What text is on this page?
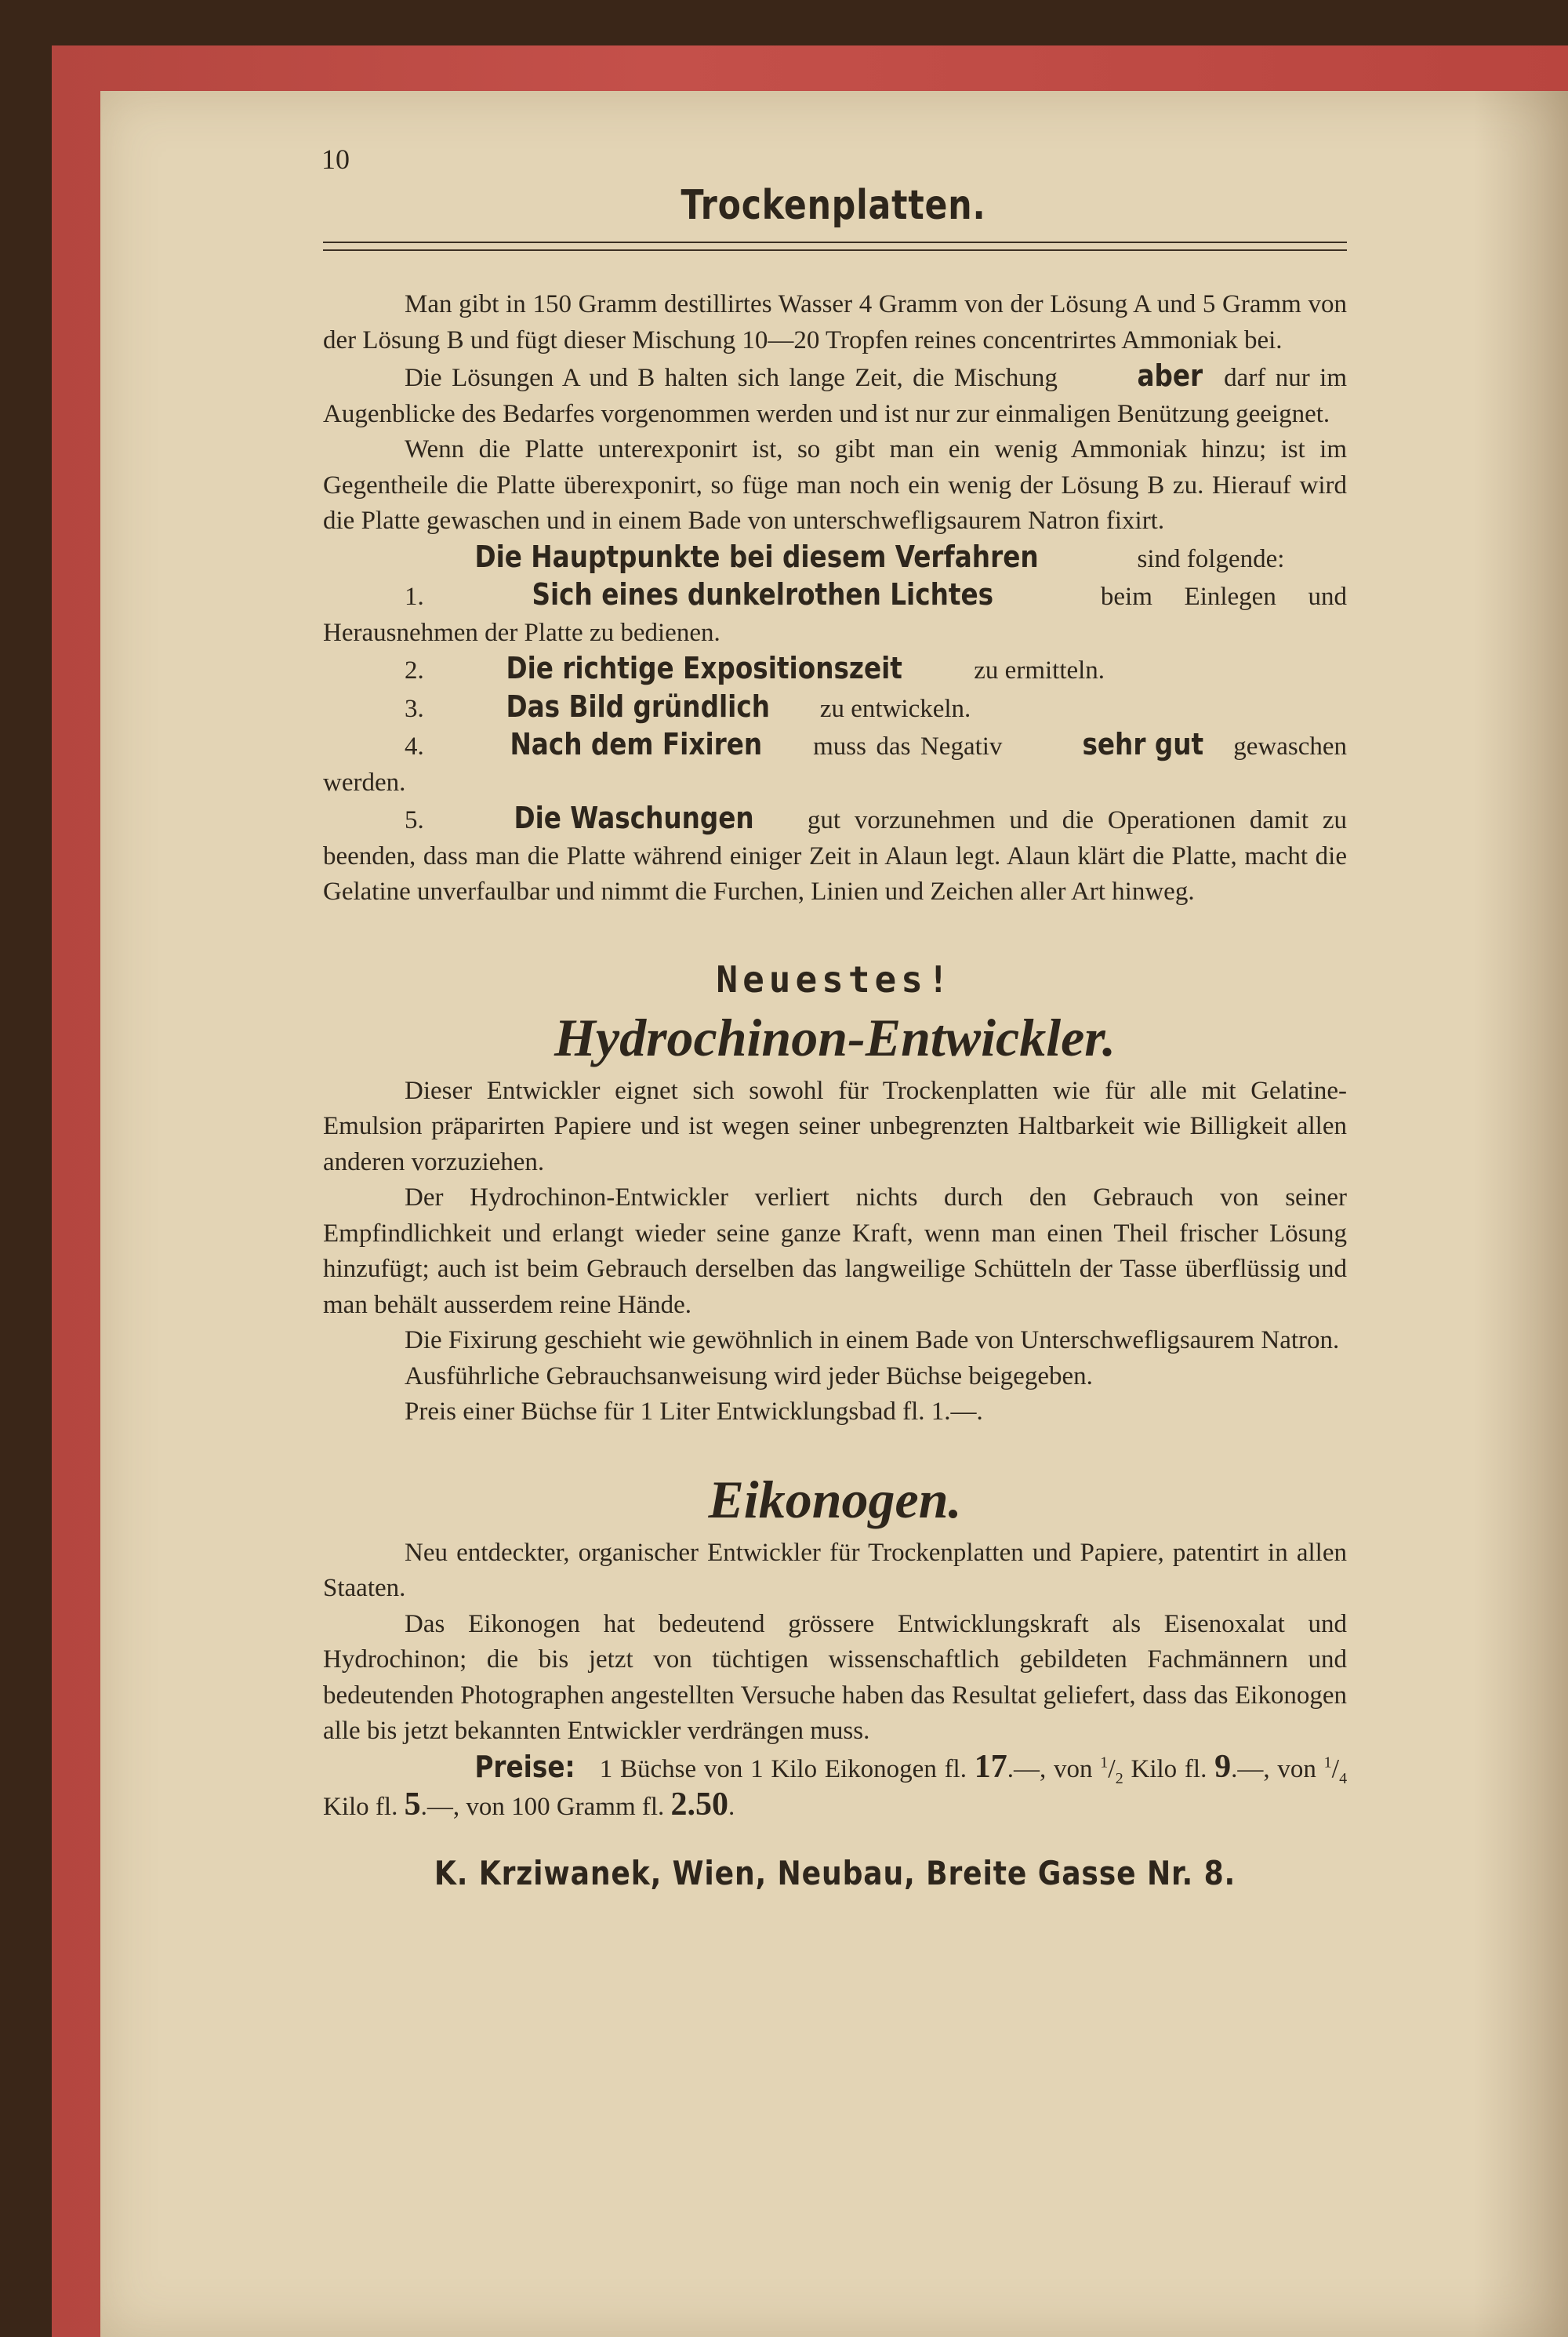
10
Trockenplatten.

Man gibt in 150 Gramm destillirtes Wasser 4 Gramm von der Lösung A und 5 Gramm von der Lösung B und fügt dieser Mischung 10—20 Tropfen reines concentrirtes Ammoniak bei.

Die Lösungen A und B halten sich lange Zeit, die Mischung	aber darf nur im Augenblicke des Bedarfes vorgenommen werden und ist nur zur einmaligen Benützung geeignet.

Wenn die Platte unterexponirt ist, so gibt man ein wenig Ammoniak hinzu; ist im Gegentheile die Platte überexponirt, so füge man noch ein wenig der Lösung B zu. Hierauf wird die Platte gewaschen und in einem Bade von unterschwefligsaurem Natron fixirt.

Die Hauptpunkte bei diesem Verfahren	sind folgende:

1.	Sich eines dunkelrothen Lichtes	beim Einlegen und Herausnehmen der Platte zu bedienen.

2.	Die richtige Expositionszeit	zu ermitteln.

3.	Das Bild gründlich zu entwickeln.

4.	Nach dem Fixiren muss das Negativ	sehr gut gewaschen werden.

5.	Die Waschungen gut vorzunehmen und die Operationen damit zu beenden, dass man die Platte während einiger Zeit in Alaun legt. Alaun klärt die Platte, macht die Gelatine unverfaulbar und nimmt die Furchen, Linien und Zeichen aller Art hinweg.

Neuestes!
Hydrochinon-Entwickler.

Dieser Entwickler eignet sich sowohl für Trockenplatten wie für alle mit Gelatine-Emulsion präparirten Papiere und ist wegen seiner unbegrenzten Haltbarkeit wie Billigkeit allen anderen vorzuziehen.

Der Hydrochinon-Entwickler verliert nichts durch den Gebrauch von seiner Empfindlichkeit und erlangt wieder seine ganze Kraft, wenn man einen Theil frischer Lösung hinzufügt; auch ist beim Gebrauch derselben das langweilige Schütteln der Tasse überflüssig und man behält ausserdem reine Hände.

Die Fixirung geschieht wie gewöhnlich in einem Bade von Unterschwefligsaurem Natron.

Ausführliche Gebrauchsanweisung wird jeder Büchse beigegeben.

Preis einer Büchse für 1 Liter Entwicklungsbad fl. 1.—.

Eikonogen.

Neu entdeckter, organischer Entwickler für Trockenplatten und Papiere, patentirt in allen Staaten.

Das Eikonogen hat bedeutend grössere Entwicklungskraft als Eisenoxalat und Hydrochinon; die bis jetzt von tüchtigen wissenschaftlich gebildeten Fachmännern und bedeutenden Photographen angestellten Versuche haben das Resultat geliefert, dass das Eikonogen alle bis jetzt bekannten Entwickler verdrängen muss.

Preise: 1 Büchse von 1 Kilo Eikonogen fl. 17.—, von $^1/_2$ Kilo fl. 9.—, von $^1/_4$ Kilo fl. 5.—, von 100 Gramm fl. 2.50.

K. Krziwanek, Wien, Neubau, Breite Gasse Nr. 8.
